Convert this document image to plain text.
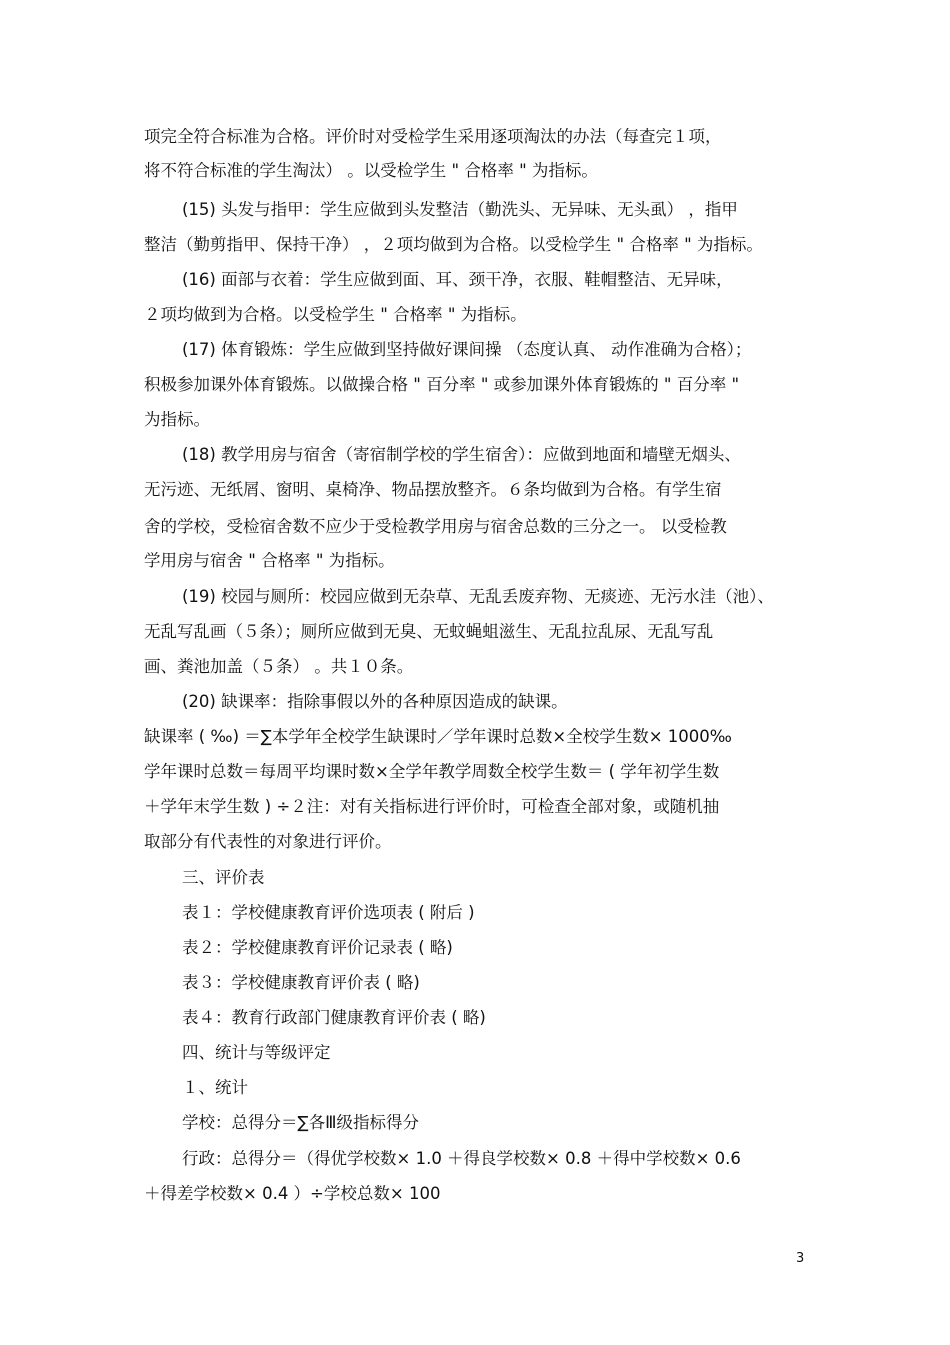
项完全符合标准为合格。评价时对受检学生采用逐项淘汰的办法（每查完１项，
将不符合标准的学生淘汰） 。以受检学生 " 合格率 " 为指标。
(15) 头发与指甲：学生应做到头发整洁（勤洗头、无异味、无头虱） ，指甲
整洁（勤剪指甲、保持干净） ，２项均做到为合格。以受检学生 " 合格率 " 为指标。
(16) 面部与衣着：学生应做到面、耳、颈干净，衣服、鞋帽整洁、无异味，
２项均做到为合格。以受检学生 " 合格率 " 为指标。
(17) 体育锻炼：学生应做到坚持做好课间操 （态度认真、 动作准确为合格）；
积极参加课外体育锻炼。以做操合格 " 百分率 " 或参加课外体育锻炼的 " 百分率 "
为指标。
(18) 教学用房与宿舍（寄宿制学校的学生宿舍）：应做到地面和墙壁无烟头、
无污迹、无纸屑、窗明、桌椅净、物品摆放整齐。６条均做到为合格。有学生宿
舍的学校，受检宿舍数不应少于受检教学用房与宿舍总数的三分之一。 以受检教
学用房与宿舍 " 合格率 " 为指标。
(19) 校园与厕所：校园应做到无杂草、无乱丢废弃物、无痰迹、无污水洼（池）、
无乱写乱画（５条）；厕所应做到无臭、无蚊蝇蛆滋生、无乱拉乱尿、无乱写乱
画、粪池加盖（５条） 。共１０条。
(20) 缺课率：指除事假以外的各种原因造成的缺课。
缺课率 ( ‰) ＝∑本学年全校学生缺课时／学年课时总数×全校学生数× 1000‰
学年课时总数＝每周平均课时数×全学年教学周数全校学生数＝ ( 学年初学生数
＋学年末学生数 ) ÷２注：对有关指标进行评价时，可检查全部对象，或随机抽
取部分有代表性的对象进行评价。
三、评价表
表１：学校健康教育评价选项表 ( 附后 )
表２：学校健康教育评价记录表 ( 略)
表３：学校健康教育评价表 ( 略)
表４：教育行政部门健康教育评价表 ( 略)
四、统计与等级评定
１、统计
学校：总得分＝∑各Ⅲ级指标得分
行政：总得分＝（得优学校数× 1.0 ＋得良学校数× 0.8 ＋得中学校数× 0.6
＋得差学校数× 0.4 ）÷学校总数× 100
3
